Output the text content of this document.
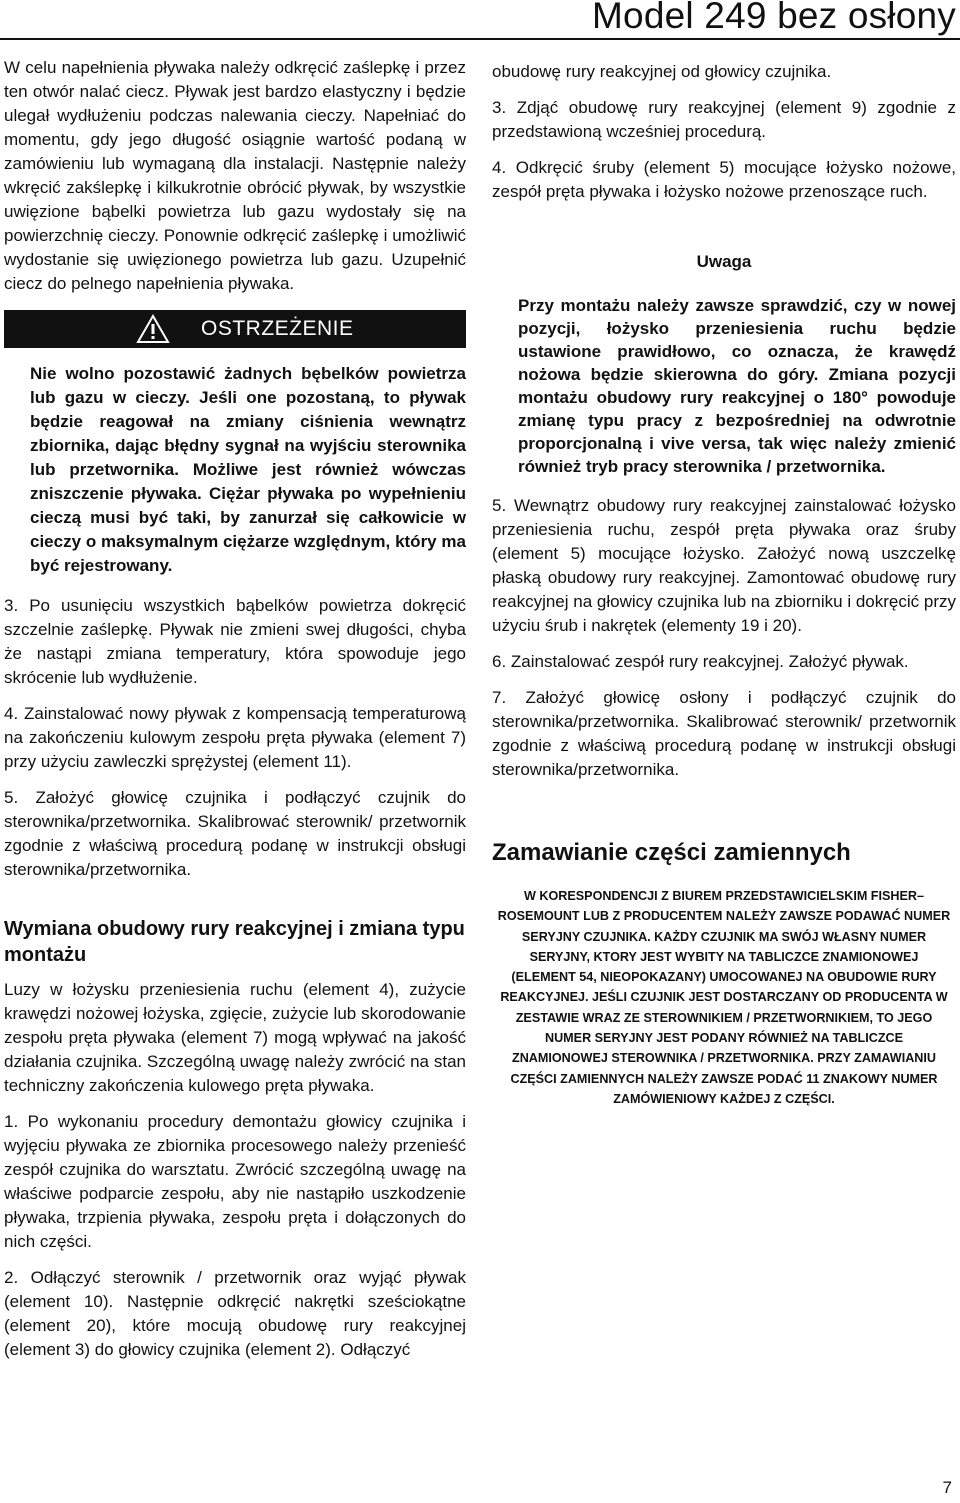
Model 249 bez osłony

W celu napełnienia pływaka należy odkręcić zaślepkę i przez ten otwór nalać ciecz. Pływak jest bardzo elastyczny i będzie ulegał wydłużeniu podczas nalewania cieczy. Napełniać do momentu, gdy jego długość osiągnie wartość podaną w zamówieniu lub wymaganą dla instalacji. Następnie należy wkręcić zakślepkę i kilkukrotnie obrócić pływak, by wszystkie uwięzione bąbelki powietrza lub gazu wydostały się na powierzchnię cieczy. Ponownie odkręcić zaślepkę i umożliwić wydostanie się uwięzionego powietrza lub gazu. Uzupełnić ciecz do pelnego napełnienia pływaka.

OSTRZEŻENIE

Nie wolno pozostawić żadnych bębelków powietrza lub gazu w cieczy. Jeśli one pozostaną, to pływak będzie reagował na zmiany ciśnienia wewnątrz zbiornika, dając błędny sygnał na wyjściu sterownika lub przetwornika. Możliwe jest również wówczas zniszczenie pływaka. Ciężar pływaka po wypełnieniu cieczą musi być taki, by zanurzał się całkowicie w cieczy o maksymalnym ciężarze względnym, który ma być rejestrowany.

3. Po usunięciu wszystkich bąbelków powietrza dokręcić szczelnie zaślepkę. Pływak nie zmieni swej długości, chyba że nastąpi zmiana temperatury, która spowoduje jego skrócenie lub wydłużenie.

4. Zainstalować nowy pływak z kompensacją temperaturową na zakończeniu kulowym zespołu pręta pływaka (element 7) przy użyciu zawleczki sprężystej (element 11).

5. Założyć głowicę czujnika i podłączyć czujnik do sterownika/przetwornika. Skalibrować sterownik/ przetwornik zgodnie z właściwą procedurą podanę w instrukcji obsługi sterownika/przetwornika.

Wymiana obudowy rury reakcyjnej i zmiana typu montażu

Luzy w łożysku przeniesienia ruchu (element 4), zużycie krawędzi nożowej łożyska, zgięcie, zużycie lub skorodowanie zespołu pręta pływaka (element 7) mogą wpływać na jakość działania czujnika. Szczególną uwagę należy zwrócić na stan techniczny zakończenia kulowego pręta pływaka.

1. Po wykonaniu procedury demontażu głowicy czujnika i wyjęciu pływaka ze zbiornika procesowego należy przenieść zespół czujnika do warsztatu. Zwrócić szczególną uwagę na właściwe podparcie zespołu, aby nie nastąpiło uszkodzenie pływaka, trzpienia pływaka, zespołu pręta i dołączonych do nich części.

2. Odłączyć sterownik / przetwornik oraz wyjąć pływak (element 10). Następnie odkręcić nakrętki sześciokątne (element 20), które mocują obudowę rury reakcyjnej (element 3) do głowicy czujnika (element 2). Odłączyć

obudowę rury reakcyjnej od głowicy czujnika.

3. Zdjąć obudowę rury reakcyjnej (element 9) zgodnie z przedstawioną wcześniej procedurą.

4. Odkręcić śruby (element 5) mocujące łożysko nożowe, zespół pręta pływaka i łożysko nożowe przenoszące ruch.

Uwaga

Przy montażu należy zawsze sprawdzić, czy w nowej pozycji, łożysko przeniesienia ruchu będzie ustawione prawidłowo, co oznacza, że krawędź nożowa będzie skierowna do góry. Zmiana pozycji montażu obudowy rury reakcyjnej o 180° powoduje zmianę typu pracy z bezpośredniej na odwrotnie proporcjonalną i vive versa, tak więc należy zmienić również tryb pracy sterownika / przetwornika.

5. Wewnątrz obudowy rury reakcyjnej zainstalować łożysko przeniesienia ruchu, zespół pręta pływaka oraz śruby (element 5) mocujące łożysko. Założyć nową uszczelkę płaską obudowy rury reakcyjnej. Zamontować obudowę rury reakcyjnej na głowicy czujnika lub na zbiorniku i dokręcić przy użyciu śrub i nakrętek (elementy 19 i 20).

6. Zainstalować zespół rury reakcyjnej. Założyć pływak.

7. Założyć głowicę osłony i podłączyć czujnik do sterownika/przetwornika. Skalibrować sterownik/ przetwornik zgodnie z właściwą procedurą podanę w instrukcji obsługi sterownika/przetwornika.

Zamawianie części zamiennych

W KORESPONDENCJI Z BIUREM PRZEDSTAWICIELSKIM FISHER–ROSEMOUNT LUB Z PRODUCENTEM NALEŻY ZAWSZE PODAWAĆ NUMER SERYJNY CZUJNIKA. KAŻDY CZUJNIK MA SWÓJ WŁASNY NUMER SERYJNY, KTORY JEST WYBITY NA TABLICZCE ZNAMIONOWEJ (ELEMENT 54, NIEOPOKAZANY) UMOCOWANEJ NA OBUDOWIE RURY REAKCYJNEJ. JEŚLI CZUJNIK JEST DOSTARCZANY OD PRODUCENTA W ZESTAWIE WRAZ ZE STEROWNIKIEM / PRZETWORNIKIEM, TO JEGO NUMER SERYJNY JEST PODANY RÓWNIEŻ NA TABLICZCE ZNAMIONOWEJ STEROWNIKA / PRZETWORNIKA. PRZY ZAMAWIANIU CZĘŚCI ZAMIENNYCH NALEŻY ZAWSZE PODAĆ 11 ZNAKOWY NUMER ZAMÓWIENIOWY KAŻDEJ Z CZĘŚCI.

7
